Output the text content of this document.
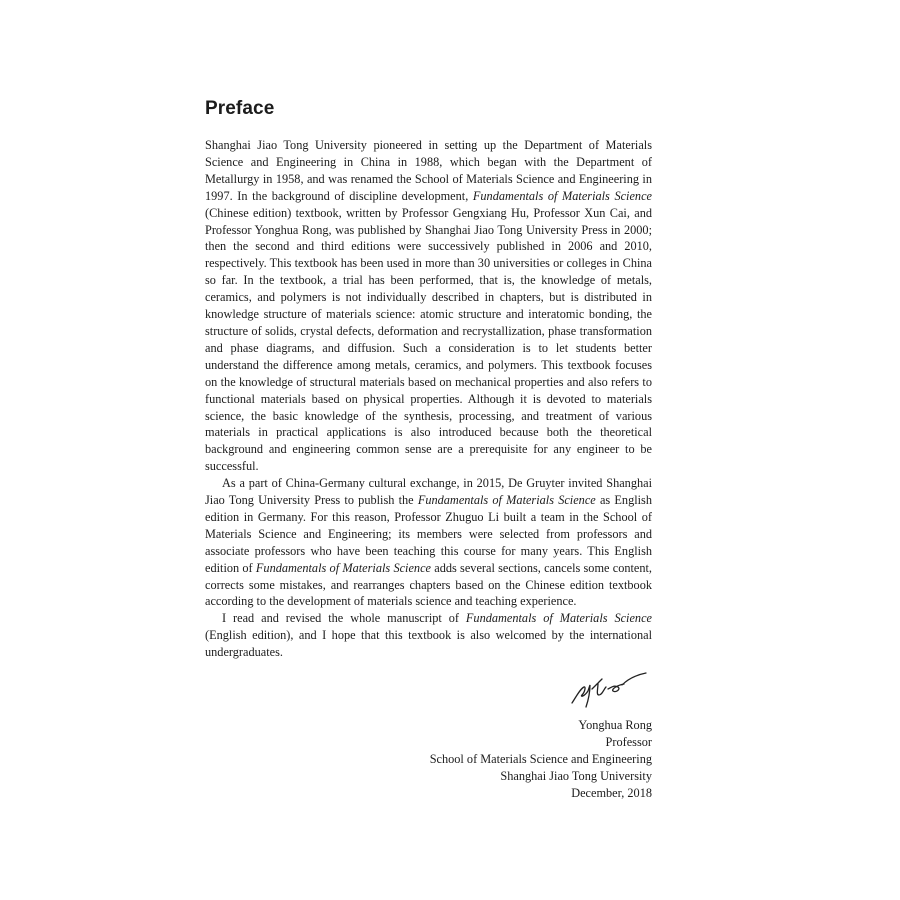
Preface

Shanghai Jiao Tong University pioneered in setting up the Department of Materials Science and Engineering in China in 1988, which began with the Department of Metallurgy in 1958, and was renamed the School of Materials Science and Engineering in 1997. In the background of discipline development, Fundamentals of Materials Science (Chinese edition) textbook, written by Professor Gengxiang Hu, Professor Xun Cai, and Professor Yonghua Rong, was published by Shanghai Jiao Tong University Press in 2000; then the second and third editions were successively published in 2006 and 2010, respectively. This textbook has been used in more than 30 universities or colleges in China so far. In the textbook, a trial has been performed, that is, the knowledge of metals, ceramics, and polymers is not individually described in chapters, but is distributed in knowledge structure of materials science: atomic structure and interatomic bonding, the structure of solids, crystal defects, deformation and recrystallization, phase transformation and phase diagrams, and diffusion. Such a consideration is to let students better understand the difference among metals, ceramics, and polymers. This textbook focuses on the knowledge of structural materials based on mechanical properties and also refers to functional materials based on physical properties. Although it is devoted to materials science, the basic knowledge of the synthesis, processing, and treatment of various materials in practical applications is also introduced because both the theoretical background and engineering common sense are a prerequisite for any engineer to be successful.

As a part of China-Germany cultural exchange, in 2015, De Gruyter invited Shanghai Jiao Tong University Press to publish the Fundamentals of Materials Science as English edition in Germany. For this reason, Professor Zhuguo Li built a team in the School of Materials Science and Engineering; its members were selected from professors and associate professors who have been teaching this course for many years. This English edition of Fundamentals of Materials Science adds several sections, cancels some content, corrects some mistakes, and rearranges chapters based on the Chinese edition textbook according to the development of materials science and teaching experience.

I read and revised the whole manuscript of Fundamentals of Materials Science (English edition), and I hope that this textbook is also welcomed by the international undergraduates.

Yonghua Rong
Professor
School of Materials Science and Engineering
Shanghai Jiao Tong University
December, 2018
